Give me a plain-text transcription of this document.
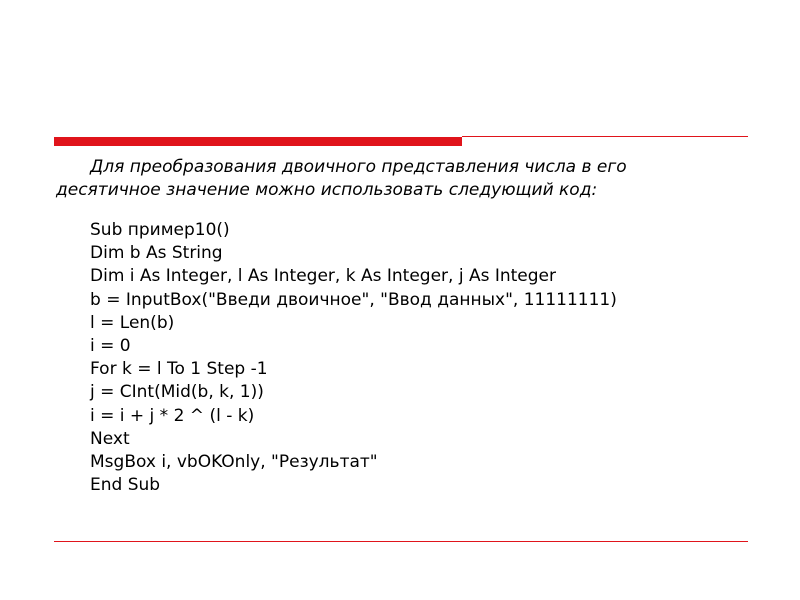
Для преобразования двоичного представления числа в его
десятичное значение можно использовать следующий код:

Sub пример10()
Dim b As String
Dim i As Integer, l As Integer, k As Integer, j As Integer
b = InputBox("Введи двоичное", "Ввод данных", 11111111)
l = Len(b)
i = 0
For k = l To 1 Step -1
j = CInt(Mid(b, k, 1))
i = i + j * 2 ^ (l - k)
Next
MsgBox i, vbOKOnly, "Результат"
End Sub
